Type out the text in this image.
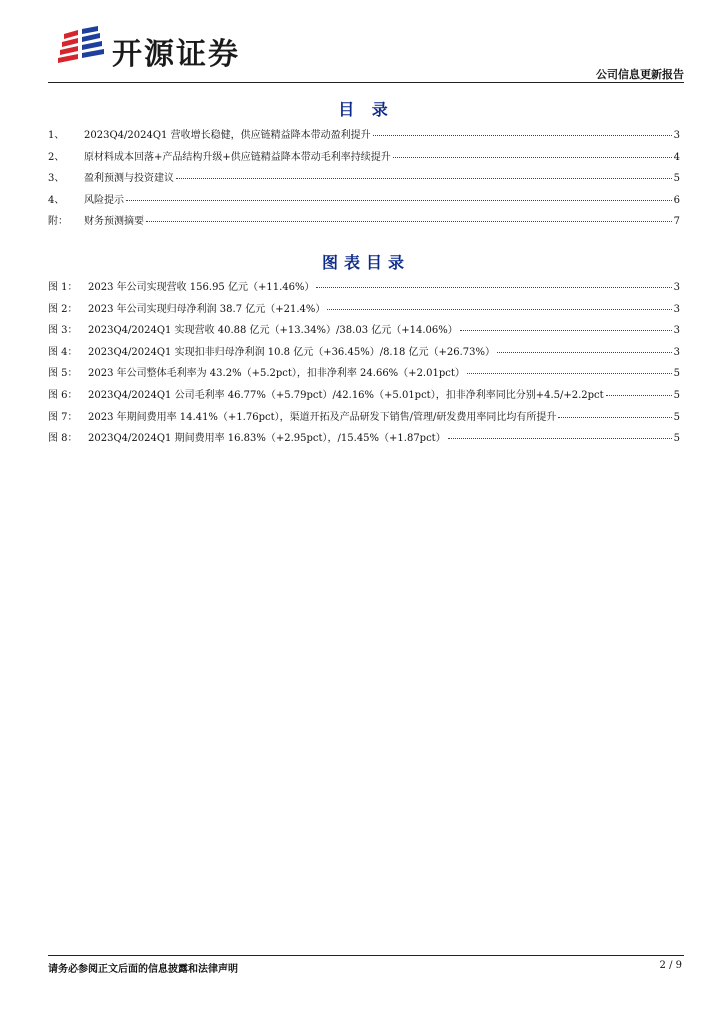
开源证券
公司信息更新报告
目 录
1、	2023Q4/2024Q1 营收增长稳健，供应链精益降本带动盈利提升	3
2、	原材料成本回落+产品结构升级+供应链精益降本带动毛利率持续提升	4
3、	盈利预测与投资建议	5
4、	风险提示	6
附：	财务预测摘要	7
图表目录
图 1：	2023 年公司实现营收 156.95 亿元（+11.46%）	3
图 2：	2023 年公司实现归母净利润 38.7 亿元（+21.4%）	3
图 3：	2023Q4/2024Q1 实现营收 40.88 亿元（+13.34%）/38.03 亿元（+14.06%）	3
图 4：	2023Q4/2024Q1 实现扣非归母净利润 10.8 亿元（+36.45%）/8.18 亿元（+26.73%）	3
图 5：	2023 年公司整体毛利率为 43.2%（+5.2pct），扣非净利率 24.66%（+2.01pct）	5
图 6：	2023Q4/2024Q1 公司毛利率 46.77%（+5.79pct）/42.16%（+5.01pct），扣非净利率同比分别+4.5/+2.2pct	5
图 7：	2023 年期间费用率 14.41%（+1.76pct），渠道开拓及产品研发下销售/管理/研发费用率同比均有所提升	5
图 8：	2023Q4/2024Q1 期间费用率 16.83%（+2.95pct），/15.45%（+1.87pct）	5
请务必参阅正文后面的信息披露和法律声明	2 / 9
